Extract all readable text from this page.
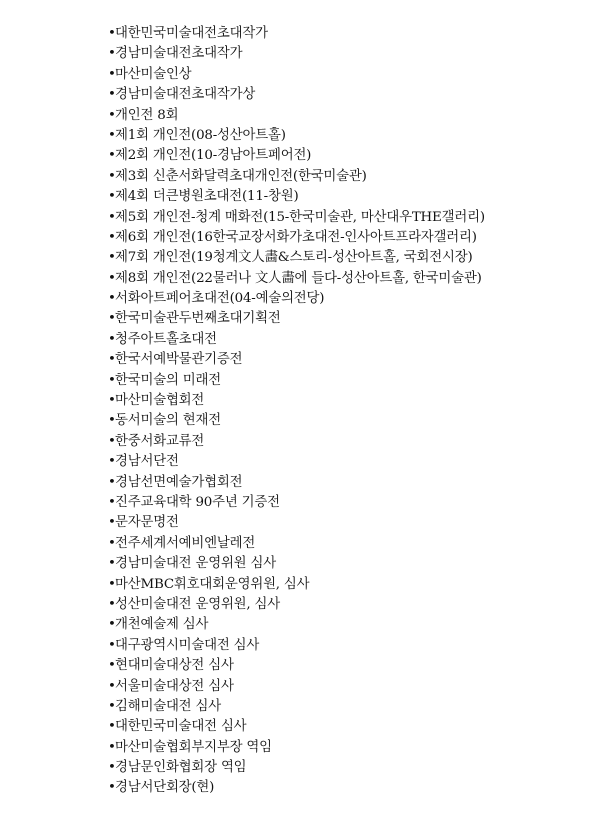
•대한민국미술대전초대작가
•경남미술대전초대작가
•마산미술인상
•경남미술대전초대작가상
•개인전 8회
•제1회 개인전(08-성산아트홀)
•제2회 개인전(10-경남아트페어전)
•제3회 신춘서화달력초대개인전(한국미술관)
•제4회 더큰병원초대전(11-창원)
•제5회 개인전-청계 매화전(15-한국미술관, 마산대우THE갤러리)
•제6회 개인전(16한국교장서화가초대전-인사아트프라자갤러리)
•제7회 개인전(19청계文人畵&스토리-성산아트홀, 국회전시장)
•제8회 개인전(22물러나 文人畵에 들다-성산아트홀, 한국미술관)
•서화아트페어초대전(04-예술의전당)
•한국미술관두번째초대기획전
•청주아트홀초대전
•한국서예박물관기증전
•한국미술의 미래전
•마산미술협회전
•동서미술의 현재전
•한중서화교류전
•경남서단전
•경남선면예술가협회전
•진주교육대학 90주년 기증전
•문자문명전
•전주세계서예비엔날레전
•경남미술대전 운영위원 심사
•마산MBC휘호대회운영위원, 심사
•성산미술대전 운영위원, 심사
•개천예술제 심사
•대구광역시미술대전 심사
•현대미술대상전 심사
•서울미술대상전 심사
•김해미술대전 심사
•대한민국미술대전 심사
•마산미술협회부지부장 역임
•경남문인화협회장 역임
•경남서단회장(현)
